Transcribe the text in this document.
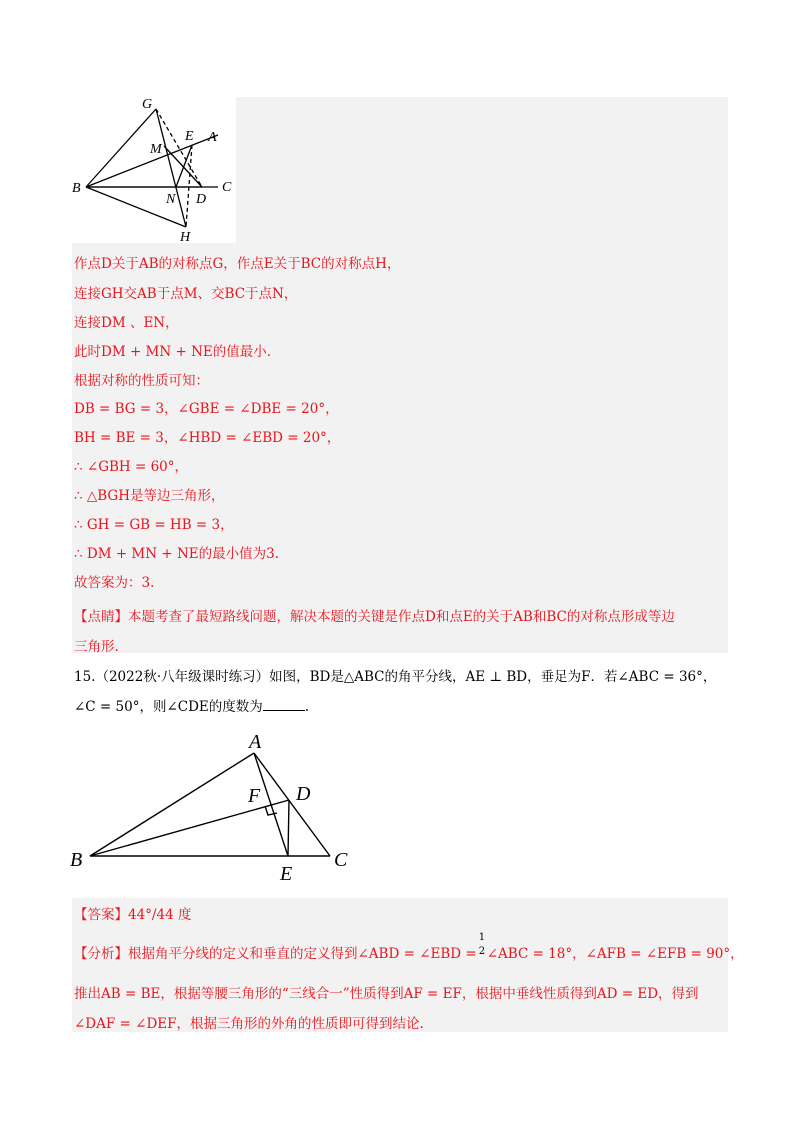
G
E A
M
B	C
N D
H
作点D关于AB的对称点G，作点E关于BC的对称点H，
连接GH交AB于点M、交BC于点N，
连接DM 、EN，
此时DM + MN + NE的值最小.
根据对称的性质可知：
DB = BG = 3，∠GBE = ∠DBE = 20°，
BH = BE = 3，∠HBD = ∠EBD = 20°，
∴ ∠GBH = 60°，
∴ △BGH是等边三角形，
∴ GH = GB = HB = 3，
∴ DM + MN + NE的最小值为3.
故答案为：3.
【点睛】本题考查了最短路线问题，解决本题的关键是作点D和点E的关于AB和BC的对称点形成等边
三角形.
15.（2022秋·八年级课时练习）如图，BD是△ABC的角平分线，AE ⊥ BD，垂足为F．若∠ABC = 36°，
∠C = 50°，则∠CDE的度数为	.
A
D
F
B
E
C
【答案】44°/44 度
【分析】根据角平分线的定义和垂直的定义得到∠ABD = ∠EBD =
1
2 ∠ABC = 18°，∠AFB = ∠EFB = 90°，
推出AB = BE，根据等腰三角形的“三线合一”性质得到AF = EF，根据中垂线性质得到AD = ED，得到
∠DAF = ∠DEF，根据三角形的外角的性质即可得到结论.
